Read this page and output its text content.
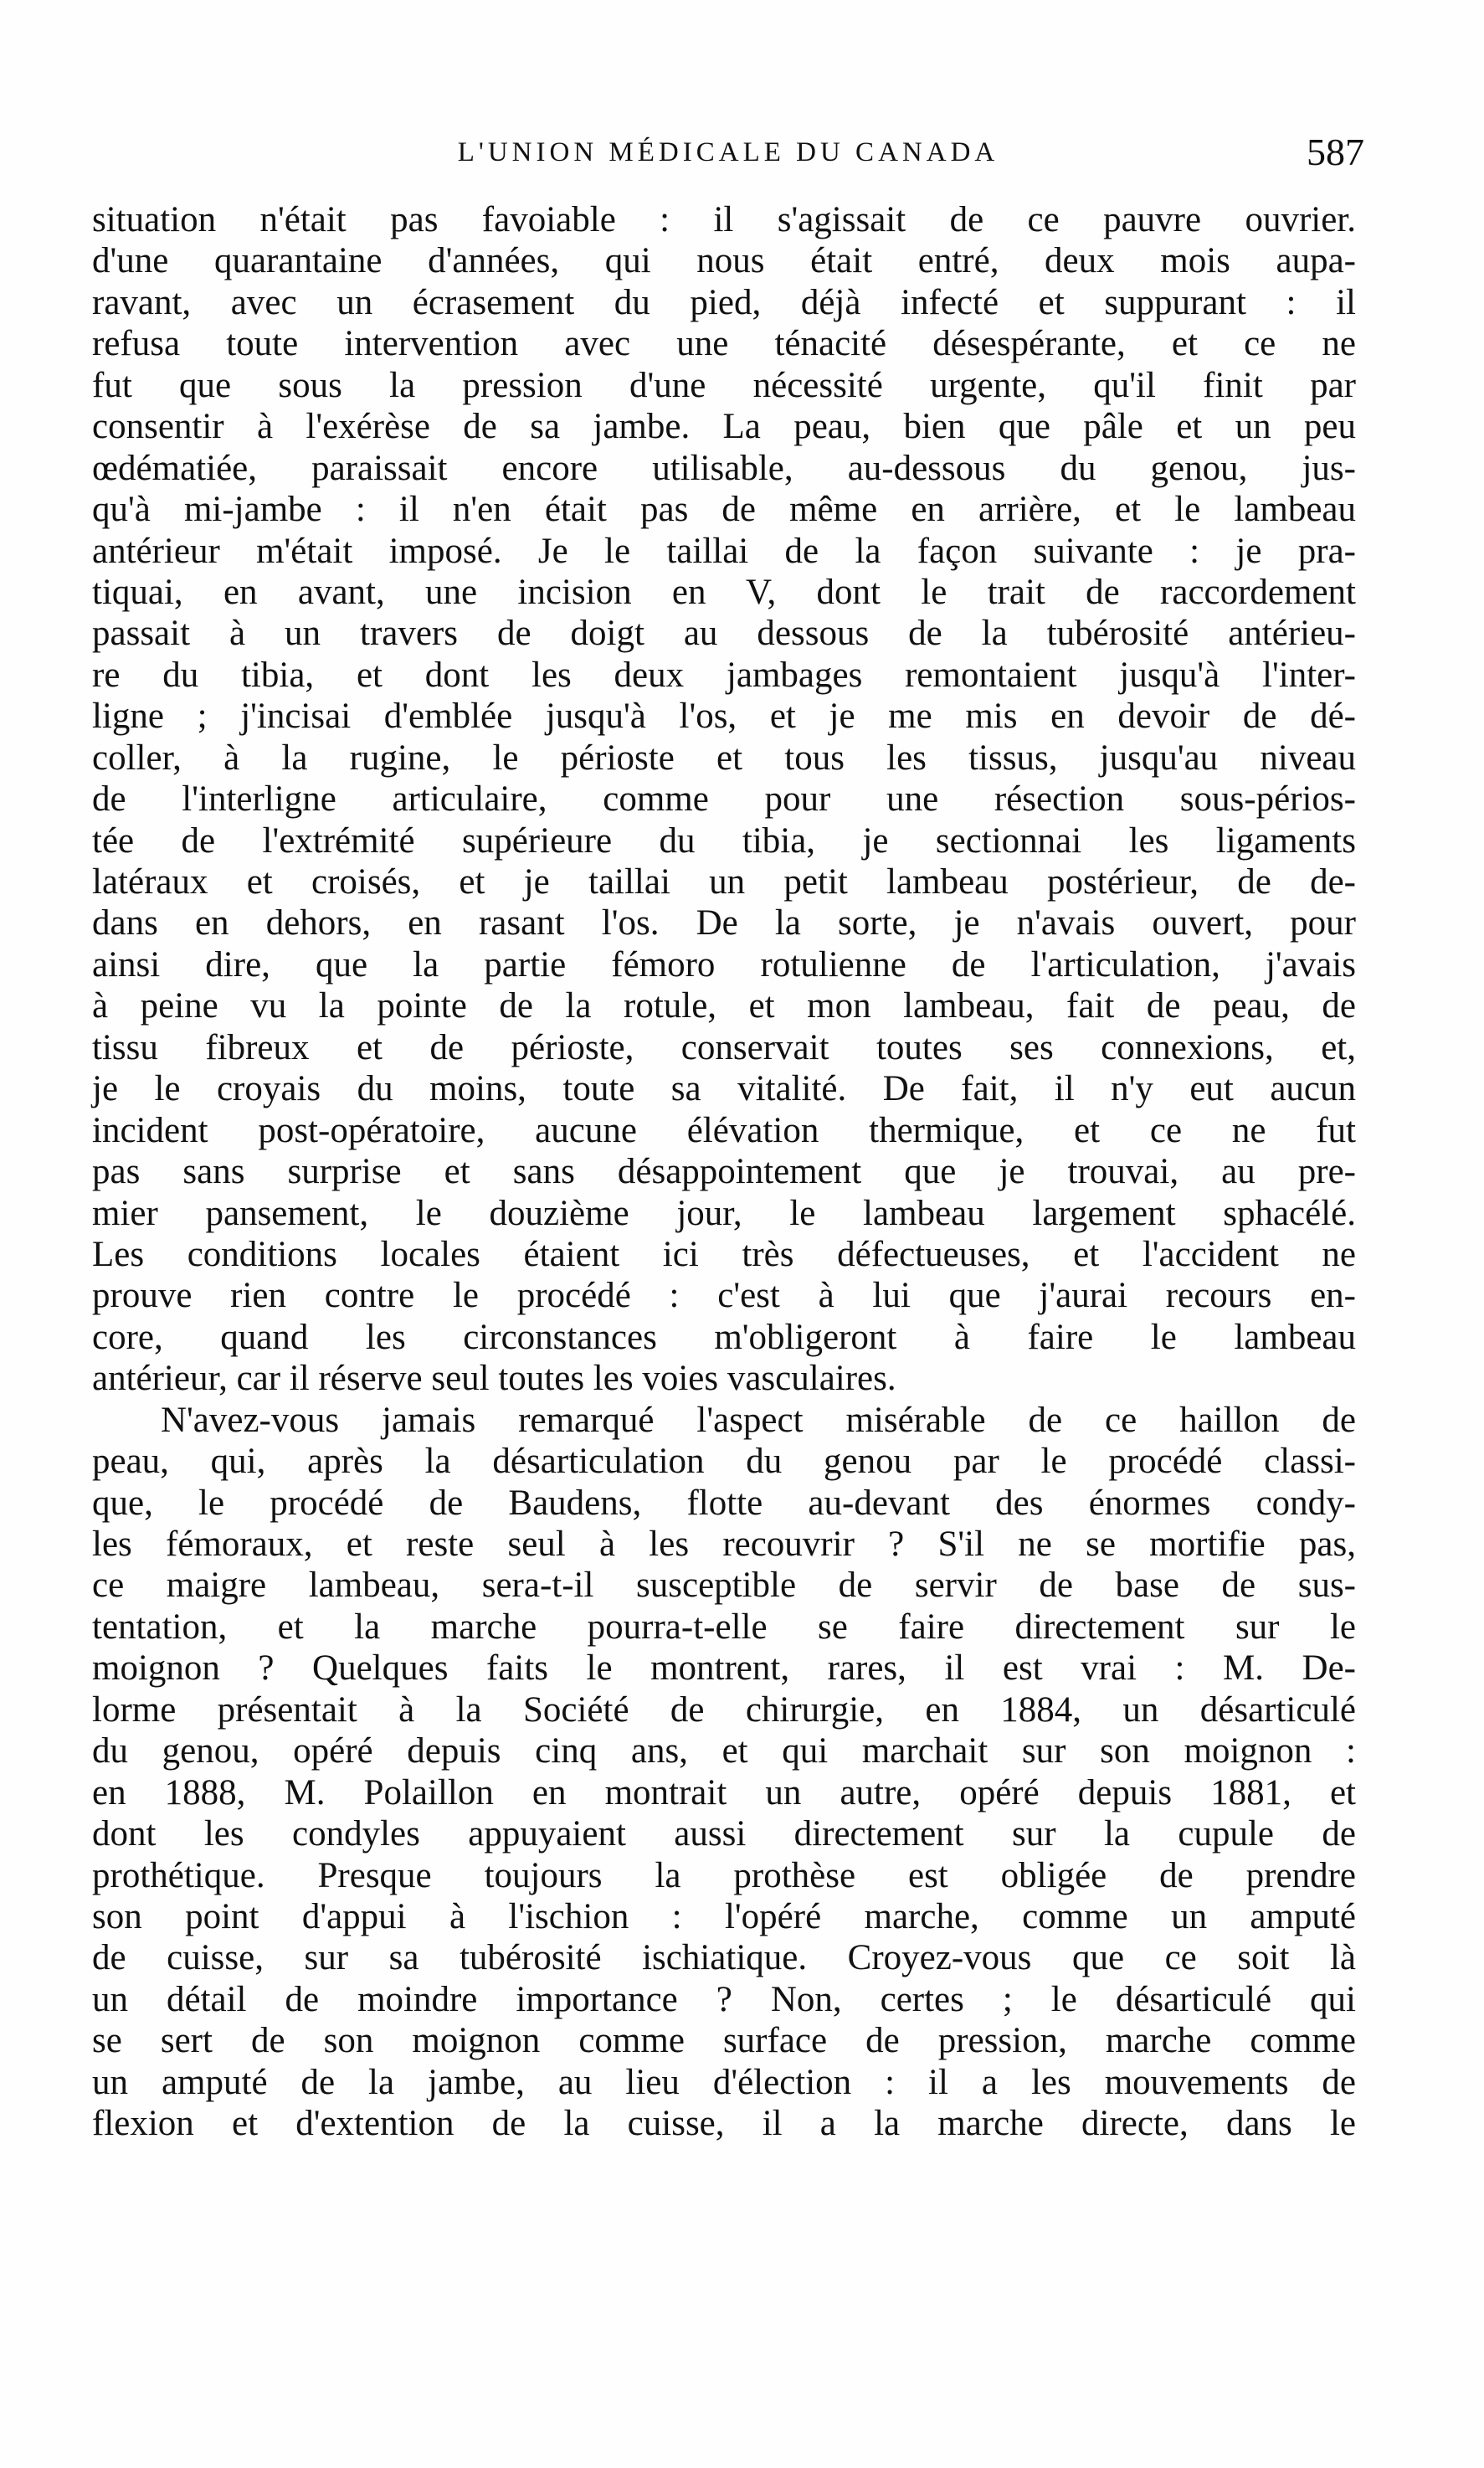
L'UNION MÉDICALE DU CANADA	587
situation n'était pas favoiable : il s'agissait de ce pauvre ouvrier.
d'une quarantaine d'années, qui nous était entré, deux mois aupa-
ravant, avec un écrasement du pied, déjà infecté et suppurant : il
refusa toute intervention avec une ténacité désespérante, et ce ne
fut que sous la pression d'une nécessité urgente, qu'il finit par
consentir à l'exérèse de sa jambe. La peau, bien que pâle et un peu
œdématiée, paraissait encore utilisable, au-dessous du genou, jus-
qu'à mi-jambe : il n'en était pas de même en arrière, et le lambeau
antérieur m'était imposé. Je le taillai de la façon suivante : je pra-
tiquai, en avant, une incision en V, dont le trait de raccordement
passait à un travers de doigt au dessous de la tubérosité antérieu-
re du tibia, et dont les deux jambages remontaient jusqu'à l'inter-
ligne ; j'incisai d'emblée jusqu'à l'os, et je me mis en devoir de dé-
coller, à la rugine, le périoste et tous les tissus, jusqu'au niveau
de l'interligne articulaire, comme pour une résection sous-périos-
tée de l'extrémité supérieure du tibia, je sectionnai les ligaments
latéraux et croisés, et je taillai un petit lambeau postérieur, de de-
dans en dehors, en rasant l'os. De la sorte, je n'avais ouvert, pour
ainsi dire, que la partie fémoro rotulienne de l'articulation, j'avais
à peine vu la pointe de la rotule, et mon lambeau, fait de peau, de
tissu fibreux et de périoste, conservait toutes ses connexions, et,
je le croyais du moins, toute sa vitalité. De fait, il n'y eut aucun
incident post-opératoire, aucune élévation thermique, et ce ne fut
pas sans surprise et sans désappointement que je trouvai, au pre-
mier pansement, le douzième jour, le lambeau largement sphacélé.
Les conditions locales étaient ici très défectueuses, et l'accident ne
prouve rien contre le procédé : c'est à lui que j'aurai recours en-
core, quand les circonstances m'obligeront à faire le lambeau
antérieur, car il réserve seul toutes les voies vasculaires.
N'avez-vous jamais remarqué l'aspect misérable de ce haillon de
peau, qui, après la désarticulation du genou par le procédé classi-
que, le procédé de Baudens, flotte au-devant des énormes condy-
les fémoraux, et reste seul à les recouvrir ? S'il ne se mortifie pas,
ce maigre lambeau, sera-t-il susceptible de servir de base de sus-
tentation, et la marche pourra-t-elle se faire directement sur le
moignon ? Quelques faits le montrent, rares, il est vrai : M. De-
lorme présentait à la Société de chirurgie, en 1884, un désarticulé
du genou, opéré depuis cinq ans, et qui marchait sur son moignon :
en 1888, M. Polaillon en montrait un autre, opéré depuis 1881, et
dont les condyles appuyaient aussi directement sur la cupule de
prothétique. Presque toujours la prothèse est obligée de prendre
son point d'appui à l'ischion : l'opéré marche, comme un amputé
de cuisse, sur sa tubérosité ischiatique. Croyez-vous que ce soit là
un détail de moindre importance ? Non, certes ; le désarticulé qui
se sert de son moignon comme surface de pression, marche comme
un amputé de la jambe, au lieu d'élection : il a les mouvements de
flexion et d'extention de la cuisse, il a la marche directe, dans le
